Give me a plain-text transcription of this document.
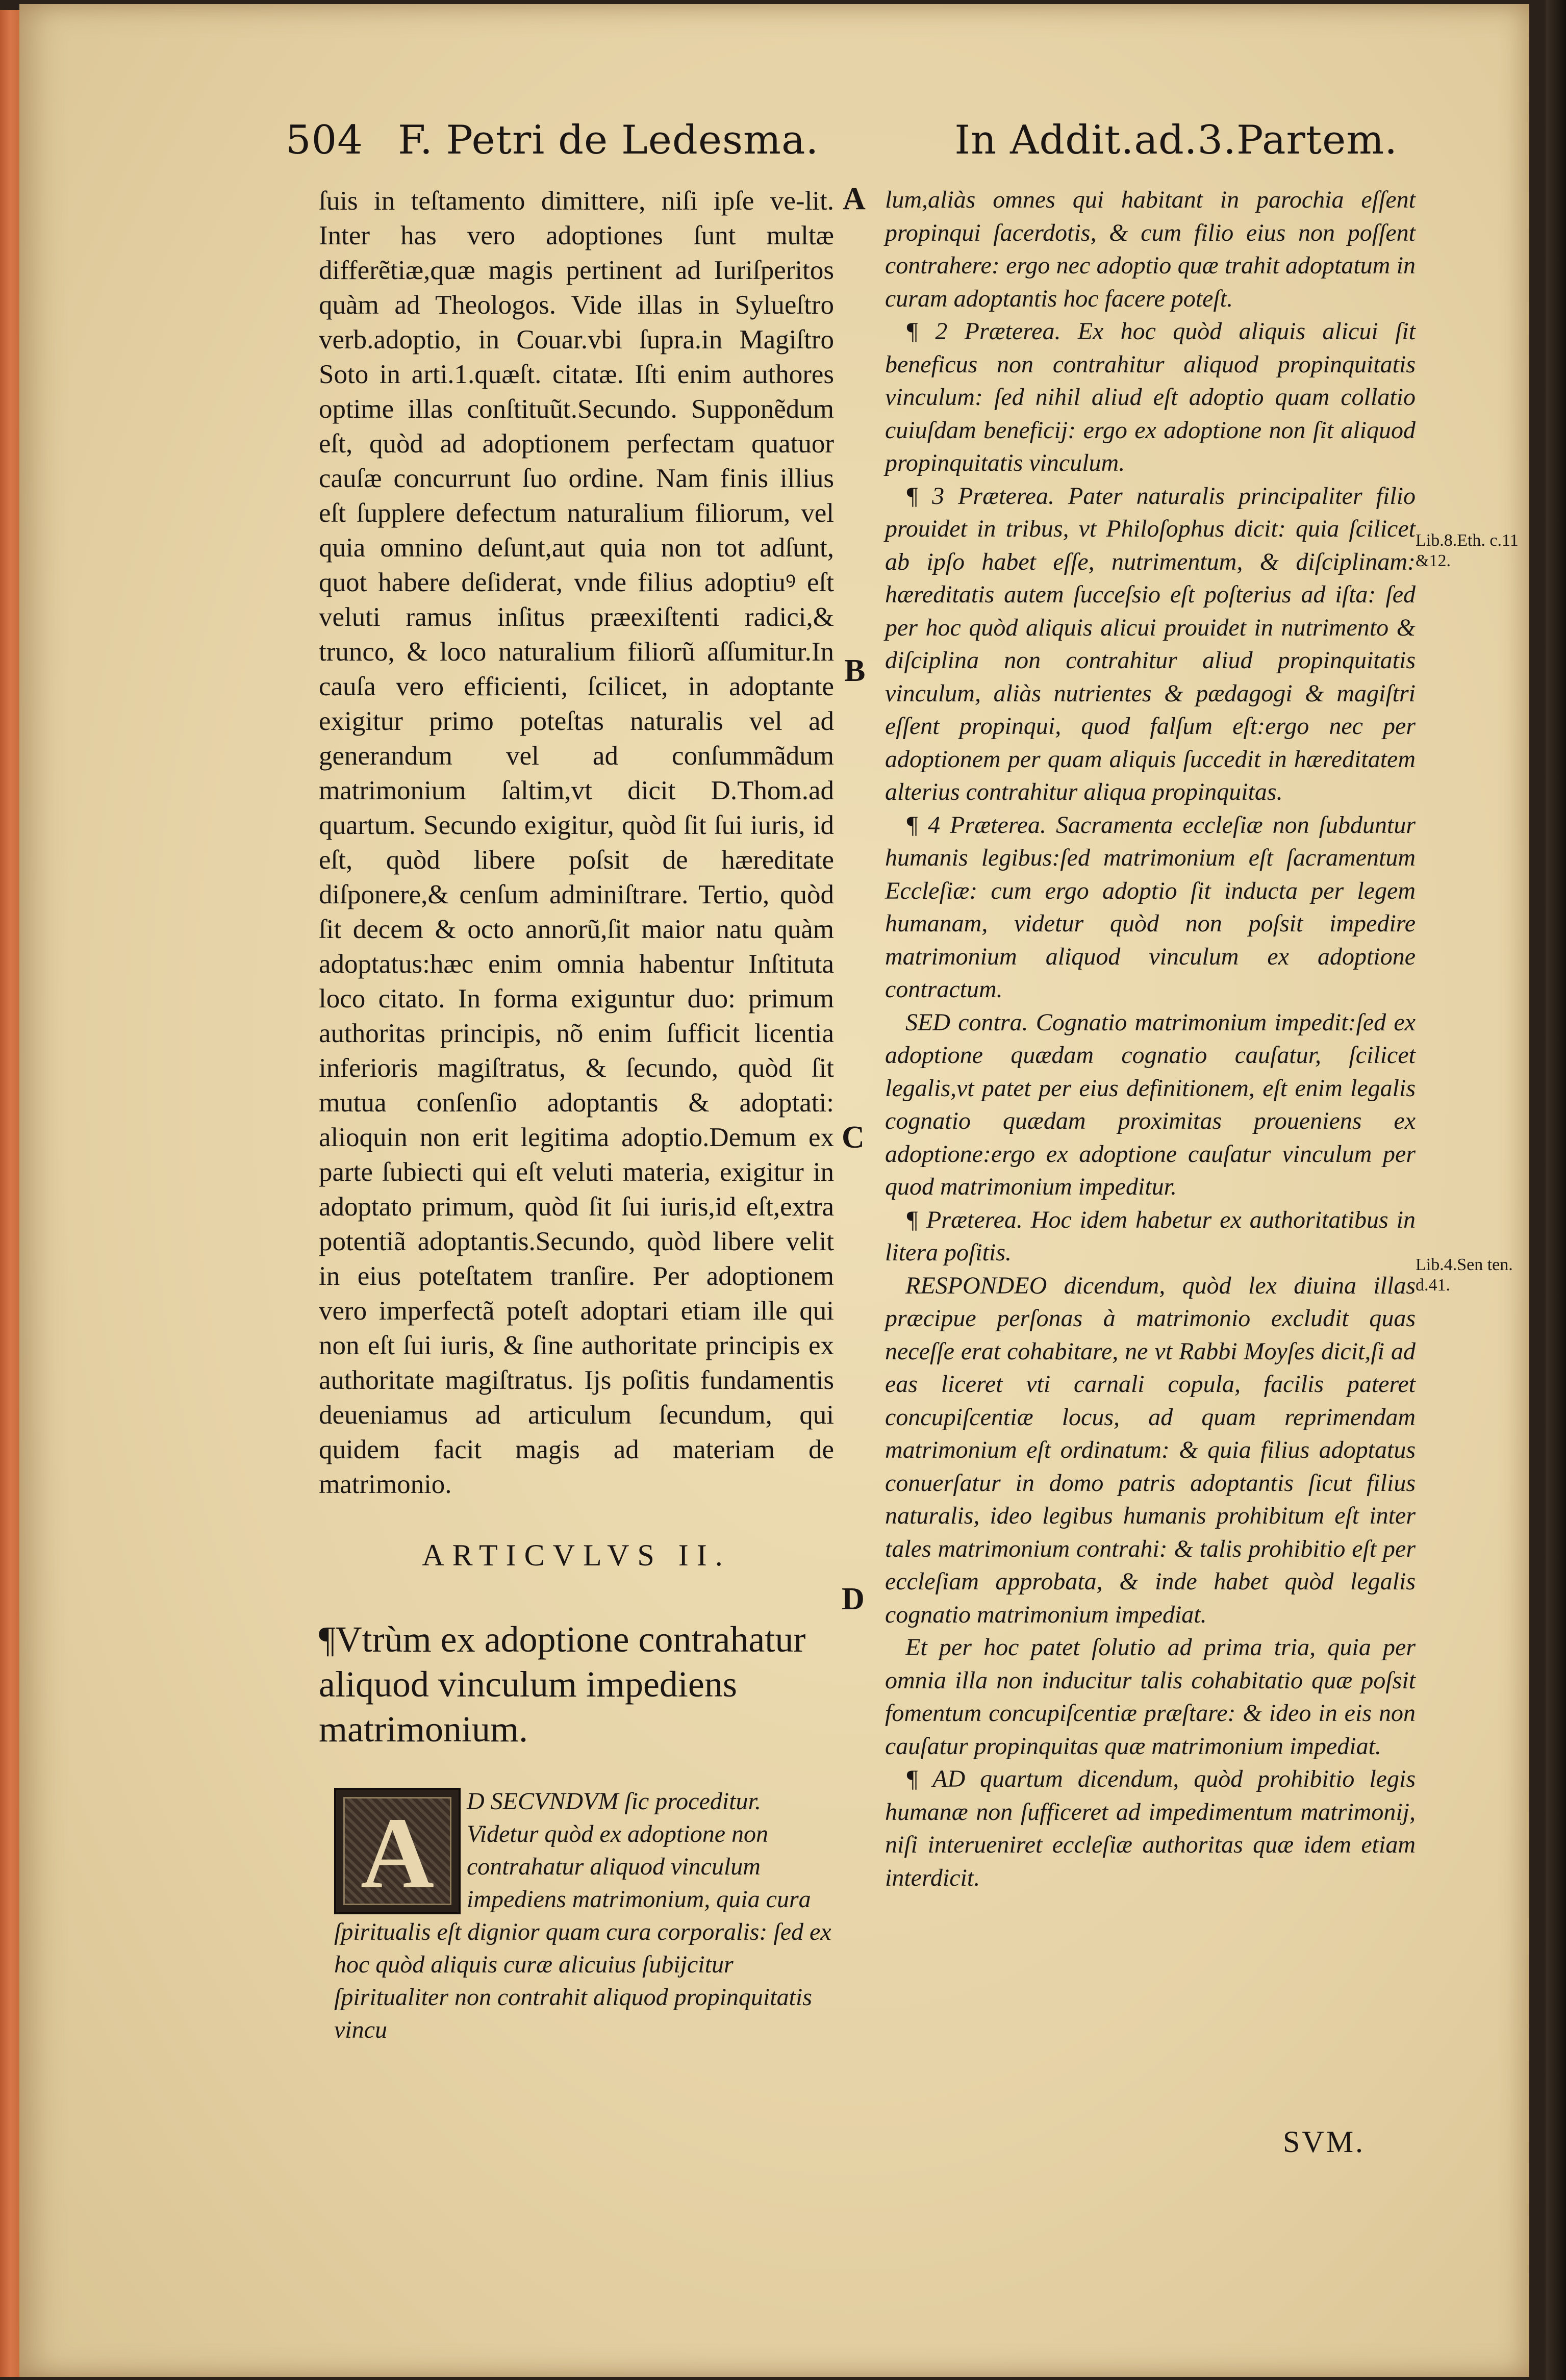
504 F. Petri de Ledesma.	In Addit.ad.3.Partem.

ſuis in teſtamento dimittere, niſi ipſe ve-lit. Inter has vero adoptiones ſunt multæ differẽtiæ,quæ magis pertinent ad Iuriſperitos quàm ad Theologos. Vide illas in Sylueſtro verb.adoptio, in Couar.vbi ſupra.in Magiſtro Soto in arti.1.quæſt. citatæ. Iſti enim authores optime illas conſtituũt.Secundo. Supponẽdum eſt, quòd ad adoptionem perfectam quatuor cauſæ concurrunt ſuo ordine. Nam finis illius eſt ſupplere defectum naturalium filiorum, vel quia omnino deſunt,aut quia non tot adſunt, quot habere deſiderat, vnde filius adoptiuꝰ eſt veluti ramus inſitus præexiſtenti radici,& trunco, & loco naturalium filiorũ aſſumitur.In cauſa vero efficienti, ſcilicet, in adoptante exigitur primo poteſtas naturalis vel ad generandum vel ad conſummãdum matrimonium ſaltim,vt dicit D.Thom.ad quartum. Secundo exigitur, quòd ſit ſui iuris, id eſt, quòd libere poſsit de hæreditate diſponere,& cenſum adminiſtrare. Tertio, quòd ſit decem & octo annorũ,ſit maior natu quàm adoptatus:hæc enim omnia habentur Inſtituta loco citato. In forma exiguntur duo: primum authoritas principis, nõ enim ſufficit licentia inferioris magiſtratus, & ſecundo, quòd ſit mutua conſenſio adoptantis & adoptati: alioquin non erit legitima adoptio.Demum ex parte ſubiecti qui eſt veluti materia, exigitur in adoptato primum, quòd ſit ſui iuris,id eſt,extra potentiã adoptantis.Secundo, quòd libere velit in eius poteſtatem tranſire. Per adoptionem vero imperfectã poteſt adoptari etiam ille qui non eſt ſui iuris, & ſine authoritate principis ex authoritate magiſtratus. Ijs poſitis fundamentis deueniamus ad articulum ſecundum, qui quidem facit magis ad materiam de matrimonio.

A
B
C
D
ARTICVLVS II.
¶Vtrùm ex adoptione contrahatur aliquod vinculum impediens matrimonium.
A	D SECVNDVM ſic proceditur. Videtur quòd ex adoptione non contrahatur aliquod vinculum impediens matrimonium, quia cura ſpiritualis eſt dignior quam cura corporalis: ſed ex hoc quòd aliquis curæ alicuius ſubijcitur ſpiritualiter non contrahit aliquod propinquitatis vincu

lum,aliàs omnes qui habitant in parochia eſſent propinqui ſacerdotis, & cum filio eius non poſſent contrahere: ergo nec adoptio quæ trahit adoptatum in curam adoptantis hoc facere poteſt.

¶ 2 Præterea. Ex hoc quòd aliquis alicui ſit beneficus non contrahitur aliquod propinquitatis vinculum: ſed nihil aliud eſt adoptio quam collatio cuiuſdam beneficij: ergo ex adoptione non ſit aliquod propinquitatis vinculum.

¶ 3 Præterea. Pater naturalis principaliter filio prouidet in tribus, vt Philoſophus dicit: quia ſcilicet ab ipſo habet eſſe, nutrimentum, & diſciplinam: hæreditatis autem ſucceſsio eſt poſterius ad iſta: ſed per hoc quòd aliquis alicui prouidet in nutrimento & diſciplina non contrahitur aliud propinquitatis vinculum, aliàs nutrientes & pædagogi & magiſtri eſſent propinqui, quod falſum eſt:ergo nec per adoptionem per quam aliquis ſuccedit in hæreditatem alterius contrahitur aliqua propinquitas.

¶ 4 Præterea. Sacramenta eccleſiæ non ſubduntur humanis legibus:ſed matrimonium eſt ſacramentum Eccleſiæ: cum ergo adoptio ſit inducta per legem humanam, videtur quòd non poſsit impedire matrimonium aliquod vinculum ex adoptione contractum.

SED contra. Cognatio matrimonium impedit:ſed ex adoptione quædam cognatio cauſatur, ſcilicet legalis,vt patet per eius definitionem, eſt enim legalis cognatio quædam proximitas proueniens ex adoptione:ergo ex adoptione cauſatur vinculum per quod matrimonium impeditur.

¶ Præterea. Hoc idem habetur ex authoritatibus in litera poſitis.

RESPONDEO dicendum, quòd lex diuina illas præcipue perſonas à matrimonio excludit quas neceſſe erat cohabitare, ne vt Rabbi Moyſes dicit,ſi ad eas liceret vti carnali copula, facilis pateret concupiſcentiæ locus, ad quam reprimendam matrimonium eſt ordinatum: & quia filius adoptatus conuerſatur in domo patris adoptantis ſicut filius naturalis, ideo legibus humanis prohibitum eſt inter tales matrimonium contrahi: & talis prohibitio eſt per eccleſiam approbata, & inde habet quòd legalis cognatio matrimonium impediat.

Et per hoc patet ſolutio ad prima tria, quia per omnia illa non inducitur talis cohabitatio quæ poſsit fomentum concupiſcentiæ præſtare: & ideo in eis non cauſatur propinquitas quæ matrimonium impediat.

¶ AD quartum dicendum, quòd prohibitio legis humanæ non ſufficeret ad impedimentum matrimonij, niſi interueniret eccleſiæ authoritas quæ idem etiam interdicit.

Lib.8.Eth. c.11 &12.
Lib.4.Sen ten. d.41.
SVM.
